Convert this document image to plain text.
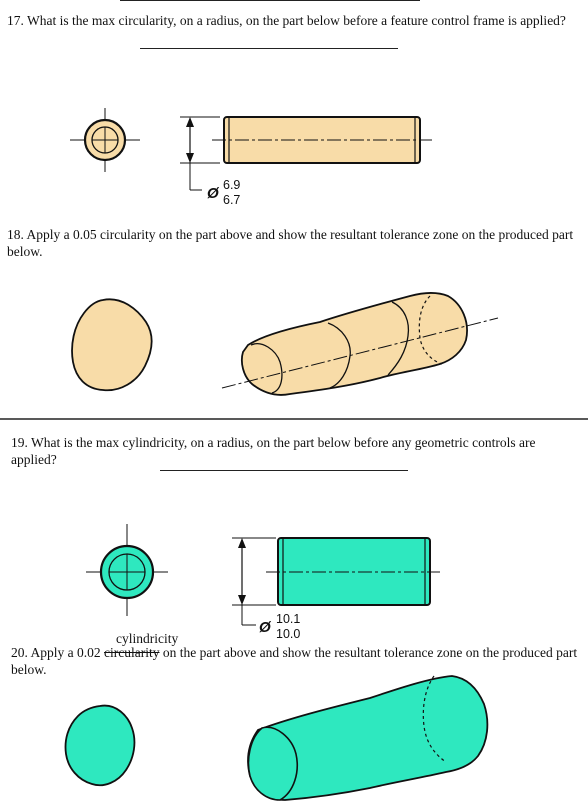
17. What is the max circularity, on a radius, on the part below before a feature control frame is applied?
Ø 6.9
6.7
18. Apply a 0.05 circularity on the part above and show the resultant tolerance zone on the produced part below.
19. What is the max cylindricity, on a radius, on the part below before any geometric controls are applied?
Ø 10.1
10.0
cylindricity
20. Apply a 0.02 circularity on the part above and show the resultant tolerance zone on the produced part below.
